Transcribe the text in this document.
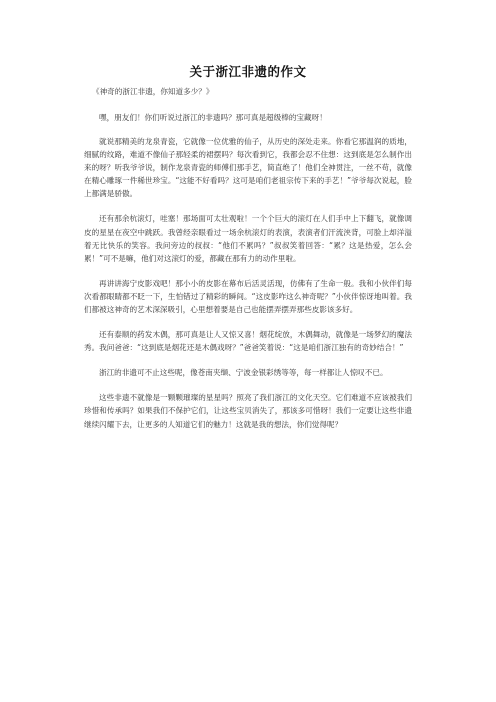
关于浙江非遗的作文
《神奇的浙江非遗，你知道多少？》

嘿，朋友们！你们听说过浙江的非遗吗？那可真是超级棒的宝藏呀！

就说那精美的龙泉青瓷，它就像一位优雅的仙子，从历史的深处走来。你看它那温润的质地，细腻的纹路，难道不像仙子那轻柔的裙摆吗？每次看到它，我都会忍不住想：这到底是怎么制作出来的呀？听我爷爷说，制作龙泉青瓷的师傅们那手艺，简直绝了！他们全神贯注，一丝不苟，就像在精心雕琢一件稀世珍宝。“这能不好看吗？这可是咱们老祖宗传下来的手艺！”爷爷每次说起，脸上都满是骄傲。

还有那余杭滚灯，哇塞！那场面可太壮观啦！一个个巨大的滚灯在人们手中上下翻飞，就像调皮的星星在夜空中跳跃。我曾经亲眼看过一场余杭滚灯的表演，表演者们汗流浃背，可脸上却洋溢着无比快乐的笑容。我问旁边的叔叔：“他们不累吗？”叔叔笑着回答：“累？这是热爱，怎么会累！”可不是嘛，他们对这滚灯的爱，都藏在那有力的动作里啦。

再讲讲海宁皮影戏吧！那小小的皮影在幕布后活灵活现，仿佛有了生命一般。我和小伙伴们每次看都眼睛都不眨一下，生怕错过了精彩的瞬间。“这皮影咋这么神奇呢？”小伙伴惊讶地叫着。我们都被这神奇的艺术深深吸引，心里想着要是自己也能摆弄摆弄那些皮影该多好。

还有泰顺的药发木偶，那可真是让人又惊又喜！烟花绽放，木偶舞动，就像是一场梦幻的魔法秀。我问爸爸：“这到底是烟花还是木偶戏呀？”爸爸笑着说：“这是咱们浙江独有的奇妙结合！”

浙江的非遗可不止这些呢，像苍南夹缬、宁波金银彩绣等等，每一样都让人惊叹不已。

这些非遗不就像是一颗颗璀璨的星星吗？照亮了我们浙江的文化天空。它们难道不应该被我们珍惜和传承吗？如果我们不保护它们，让这些宝贝消失了，那该多可惜呀！我们一定要让这些非遗继续闪耀下去，让更多的人知道它们的魅力！这就是我的想法，你们觉得呢？
